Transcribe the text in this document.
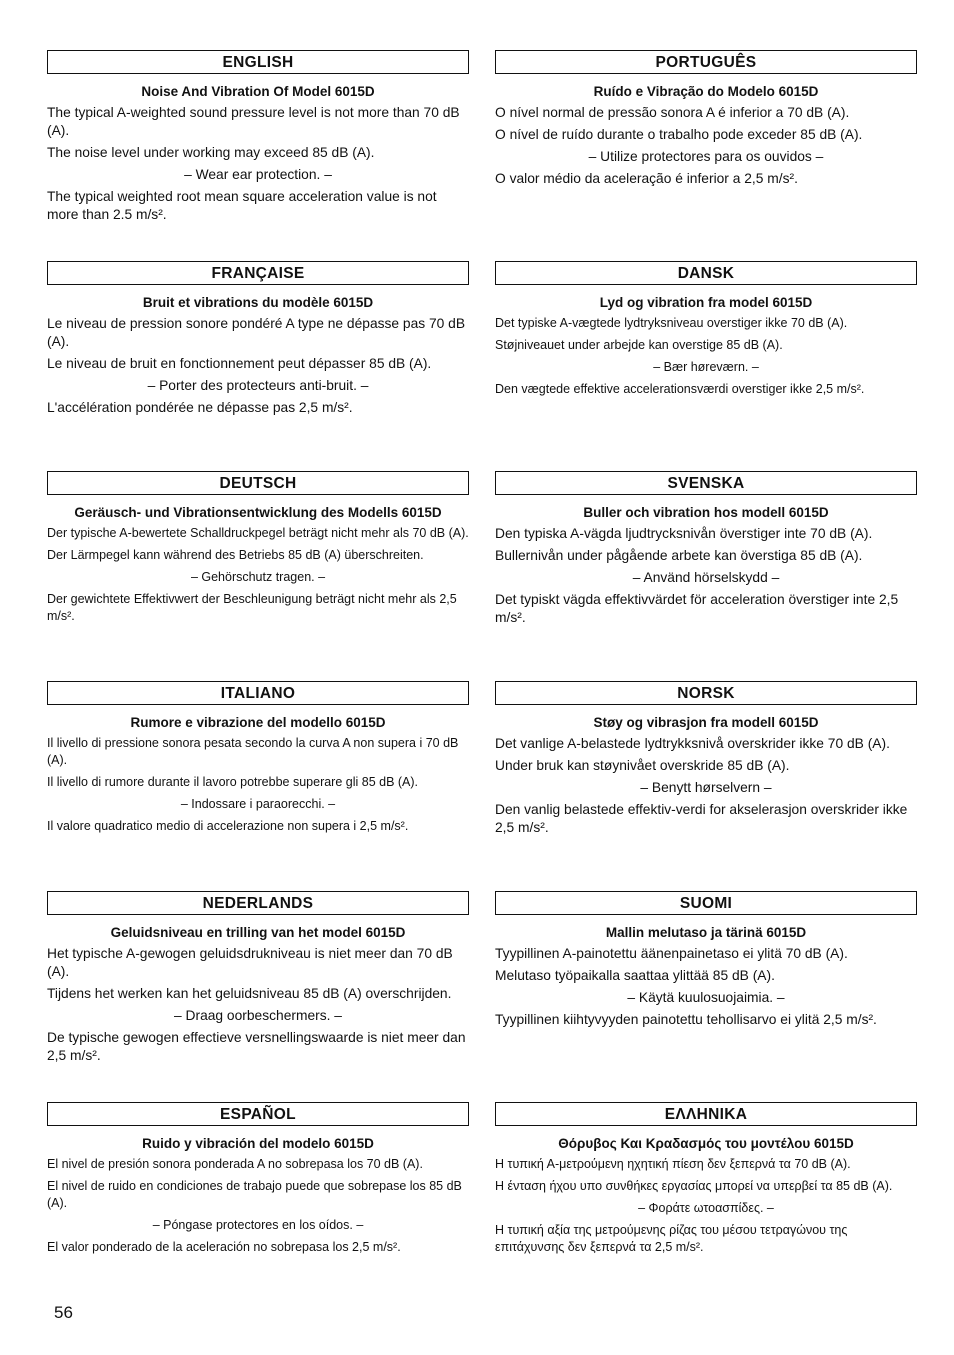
ENGLISH
Noise And Vibration Of Model 6015D

The typical A-weighted sound pressure level is not more than 70 dB (A).

The noise level under working may exceed 85 dB (A).

– Wear ear protection. –

The typical weighted root mean square acceleration value is not more than 2.5 m/s².

PORTUGUÊS
Ruído e Vibração do Modelo 6015D

O nível normal de pressão sonora A é inferior a 70 dB (A).

O nível de ruído durante o trabalho pode exceder 85 dB (A).

– Utilize protectores para os ouvidos –

O valor médio da aceleração é inferior a 2,5 m/s².

FRANÇAISE
Bruit et vibrations du modèle 6015D

Le niveau de pression sonore pondéré A type ne dépasse pas 70 dB (A).

Le niveau de bruit en fonctionnement peut dépasser 85 dB (A).

– Porter des protecteurs anti-bruit. –

L'accélération pondérée ne dépasse pas 2,5 m/s².

DANSK
Lyd og vibration fra model 6015D

Det typiske A-vægtede lydtryksniveau overstiger ikke 70 dB (A).

Støjniveauet under arbejde kan overstige 85 dB (A).

– Bær høreværn. –

Den vægtede effektive accelerationsværdi overstiger ikke 2,5 m/s².

DEUTSCH
Geräusch- und Vibrationsentwicklung des Modells 6015D

Der typische A-bewertete Schalldruckpegel beträgt nicht mehr als 70 dB (A).

Der Lärmpegel kann während des Betriebs 85 dB (A) überschreiten.

– Gehörschutz tragen. –

Der gewichtete Effektivwert der Beschleunigung beträgt nicht mehr als 2,5 m/s².

SVENSKA
Buller och vibration hos modell 6015D

Den typiska A-vägda ljudtrycksnivån överstiger inte 70 dB (A).

Bullernivån under pågående arbete kan överstiga 85 dB (A).

– Använd hörselskydd –

Det typiskt vägda effektivvärdet för acceleration överstiger inte 2,5 m/s².

ITALIANO
Rumore e vibrazione del modello 6015D

Il livello di pressione sonora pesata secondo la curva A non supera i 70 dB (A).

Il livello di rumore durante il lavoro potrebbe superare gli 85 dB (A).

– Indossare i paraorecchi. –

Il valore quadratico medio di accelerazione non supera i 2,5 m/s².

NORSK
Støy og vibrasjon fra modell 6015D

Det vanlige A-belastede lydtrykksnivå overskrider ikke 70 dB (A).

Under bruk kan støynivået overskride 85 dB (A).

– Benytt hørselvern –

Den vanlig belastede effektiv-verdi for akselerasjon overskrider ikke 2,5 m/s².

NEDERLANDS
Geluidsniveau en trilling van het model 6015D

Het typische A-gewogen geluidsdrukniveau is niet meer dan 70 dB (A).

Tijdens het werken kan het geluidsniveau 85 dB (A) overschrijden.

– Draag oorbeschermers. –

De typische gewogen effectieve versnellingswaarde is niet meer dan 2,5 m/s².

SUOMI
Mallin melutaso ja tärinä 6015D

Tyypillinen A-painotettu äänenpainetaso ei ylitä 70 dB (A).

Melutaso työpaikalla saattaa ylittää 85 dB (A).

– Käytä kuulosuojaimia. –

Tyypillinen kiihtyvyyden painotettu tehollisarvo ei ylitä 2,5 m/s².

ESPAÑOL
Ruido y vibración del modelo 6015D

El nivel de presión sonora ponderada A no sobrepasa los 70 dB (A).

El nivel de ruido en condiciones de trabajo puede que sobrepase los 85 dB (A).

– Póngase protectores en los oídos. –

El valor ponderado de la aceleración no sobrepasa los 2,5 m/s².

ΕΛΛΗΝΙΚΑ
Θόρυβος Και Κραδασμός του μοντέλου 6015D

Η τυπική Α-μετρούμενη ηχητική πίεση δεν ξεπερνά τα 70 dB (A).

Η ένταση ήχου υπο συνθήκες εργασίας μπορεί να υπερβεί τα 85 dB (A).

– Φοράτε ωτοασπίδες. –

Η τυπική αξία της μετρούμενης ρίζας του μέσου τετραγώνου της επιτάχυνσης δεν ξεπερνά τα 2,5 m/s².

56
